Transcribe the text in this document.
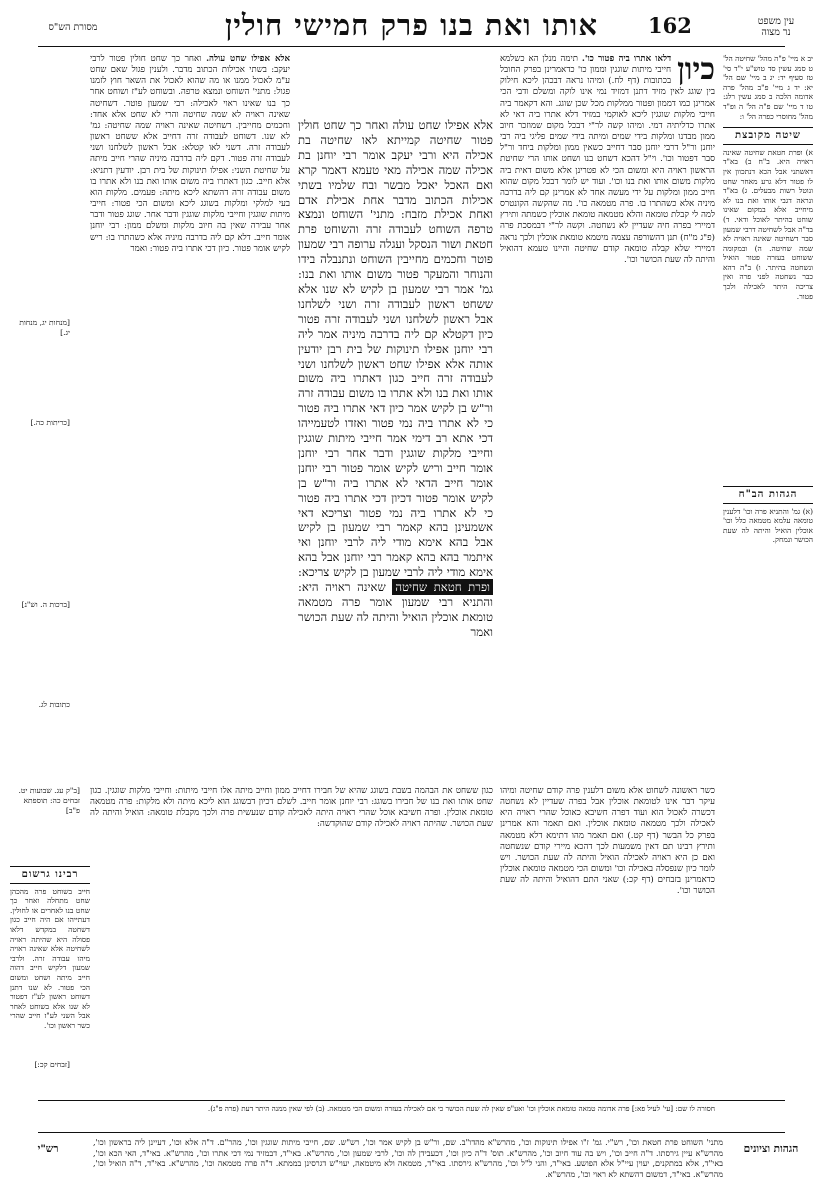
אותו ואת בנו פרק חמישי חולין	162	עין משפט
נר מצוה
מסורת הש"ס

יב א מיי' פ"ה מהל' שחיטה הל' ט סמג עשין סד טוש"ע י"ד סי' טז סעיף יד: יג ב מיי' שם הל' יא: יד ג מיי' פ"ב מהל' פרה אדומה הלכה ב סמג עשין רלג: טו ד מיי' שם פ"ה הל' ה ופ"ד מהל' מחוסרי כפרה הל' ו:

שיטה מקובצת

א) ופרת חטאת שחיטה שאינה ראויה היא. ב"ח ב) בא"ד דאשתני אבל הכא דנתכוון אין לו פטור דלא גרע מאחר שחט ונוטל רשות מבעלים. ג) בא"ד ונראה דגבי אותו ואת בנו לא מיחייב אלא במקום שאינו שוחט בהיתר לאוכל ודאי. ד) בד"ה אבל לשחיטה דרבי שמעון סבר דשחיטה שאינה ראויה לא שמה שחיטה. ה) ובמקומה ששוחט בעזרה פטור הואיל ונשחטה בהיתר. ו) ב"ה דהא כבר נשחטה לפני פרה ואין צריכה היתר לאכילה ולכך פטור.

הגהות הב"ח

(א) גמ' והתניא פרה וכו' דלענין טומאה עלמא מטמאה כלל וכו' אוכלין הואיל והיתה לה שעת הכושר ונמחק.

כיון
דלאו אתרו ביה פטור כו'. תימה מנלן הא כשלמא חייבי מיתות שוגגין וממון כו' כדאמרינן בפרק החובל בכתובות (דף לח.) ומיהו נראה דבכהן ליכא חילוק בין שוגג לאין מזיד דתנן דמזיד נמי אינו לוקה ומשלם ודבי הכי אמרינן כמו דממון ופטור ממלקות מכל שכן שוגג. והא דקאמר ביה חייבי מלקות שוגגין ליכא לאוקמי במזיד דלא אתרו ביה דאי לא אתרו כדליתיה דמי. ומיהו קשה לר"י דבכל מקום שמוזכר חיוב ממון מבדנו ומלקות בידי שמים ומיתה בידי שמים פליגי ביה רבי יוחנן ור"ל דרבי יוחנן סבר דחייב כשאין ממון ומלקות ביחד ור"ל סבר דפטור וכו'. וי"ל דהכא דשחט בנו ושחט אותו הרי שחיטת הראשון ראויה היא ומשום הכי לא פטרינן אלא משום דאית ביה מלקות משום אותו ואת בנו וכו'. ועוד יש לומר דבכל מקום שהוא חייב ממון ומלקות על ידי מעשה אחד לא אמרינן קם ליה בדרבה מיניה אלא כשהתרו בו. פרה מטמאה כו'. מה שהקשה הקונטרס למה לי קבלת טומאה והלא מטמאה טומאת אוכלין כשמתה ותירץ דמיירי בפרה חיה שעדיין לא נשחטה. וקשה לר"י דבמסכת פרה (פ"ג מ"ח) תנן דהשורפה עצמה מיטמא טומאת אוכלין ולכך נראה דמיירי שלא קבלה טומאה קודם שחיטה והיינו טעמא דהואיל והיתה לה שעת הכושר וכו'.
אלא אפילו שחט עולה ואחר כך שחט חולין פטור שחיטה קמייתא לאו שחיטה בת אכילה היא ורבי יעקב אומר רבי יוחנן בת אכילה שמה אכילה מאי טעמא דאמר קרא ואם האכל יאכל מבשר ובח שלמיו בשתי אכילות הכתוב מדבר אחת אכילת אדם ואחת אכילת מזבח: מתני' השוחט ונמצא טרפה השוחט לעבודה זרה והשוחט פרת חטאת ושור הנסקל ועגלה ערופה רבי שמעון פוטר וחכמים מחייבין השוחט ונתנבלה בידו והנוחר והמעקר פטור משום אותו ואת בנו: גמ' אמר רבי שמעון בן לקיש לא שנו אלא ששחט ראשון לעבודה זרה ושני לשלחנו אבל ראשון לשלחנו ושני לעבודה זרה פטור כיון דקטלא קם ליה בדרבה מיניה אמר ליה רבי יוחנן אפילו תינוקות של בית רבן יודעין אותה אלא אפילו שחט ראשון לשלחנו ושני לעבודה זרה חייב כגון דאתרו ביה משום אותו ואת בנו ולא אתרו בו משום עבודה זרה ור"ש בן לקיש אמר כיון דאי אתרו ביה פטור כי לא אתרו ביה נמי פטור ואזדו לטעמייהו דכי אתא רב דימי אמר חייבי מיתות שוגגין וחייבי מלקות שוגגין ודבר אחר רבי יוחנן אומר חייב וריש לקיש אומר פטור רבי יוחנן אומר חייב הדאי לא אתרו ביה ור"ש בן לקיש אומר פטור דכיון דכי אתרו ביה פטור כי לא אתרו ביה נמי פטור וצריכא דאי אשמעינן בהא קאמר רבי שמעון בן לקיש אבל בהא אימא מודי ליה לרבי יוחנן ואי איתמר בהא בהא קאמר רבי יוחנן אבל בהא אימא מודי ליה לרבי שמעון בן לקיש צריכא: ופרת חטאת שחיטה שאינה ראויה היא: והתניא רבי שמעון אומר פרה מטמאה טומאת אוכלין הואיל והיתה לה שעת הכושר ואמר
אלא אפילו שחט עולה. ואחר כך שחט חולין פטור לרבי יעקב: בשתי אכילות הכתוב מדבר. ולענין פגול שאם שחט ע"מ לאכול ממנו או מה שהוא לאכול את השאר חוץ לזמנו פגול: מתני' השוחט ונמצא טרפה. ובשוחט לע"ז ושוחט אחר כך בנו שאינו ראוי לאכילה: רבי שמעון פוטר. דשחיטה שאינה ראויה לא שמה שחיטה והרי לא שחט אלא אחד: וחכמים מחייבין. דשחיטה שאינה ראויה שמה שחיטה: גמ' לא שנו. דשוחט לעבודה זרה דחייב אלא ששחט ראשון לעבודה זרה. דשני לאו קטלא: אבל ראשון לשלחנו ושני לעבודה זרה פטור. דקם ליה בדרבה מיניה שהרי חייב מיתה על שחיטת השני: אפילו תינוקות של בית רבן. יודעין דתניא: אלא חייב. כגון דאתרו ביה משום אותו ואת בנו ולא אתרו בו משום עבודה זרה דהשתא ליכא מיתה: פעמים. מלקות הוא בעי למלקי ומלקות בשוגג ליכא ומשום הכי פטור: חייבי מיתות שוגגין וחייבי מלקות שוגגין ודבר אחר. שוגג פטור ודבר אחר עבירה שאין בה חיוב מלקות ומשלם ממון: רבי יוחנן אומר חייב. דלא קם ליה בדרבה מיניה אלא כשהתרו בו: ריש לקיש אומר פטור. כיון דכי אתרו ביה פטור: ואמר
[מנחות יג, מנחות יג.]
[כריתות כה.]
[ברכות ה. וש"נ]
כתובות לג.
[ב"ק עג. שבועות יט. זבחים כה: תוספתא פ"ב]
[זבחים קכ:]
רבינו גרשום

חייב בשוחט פרה מהכהן שחט מתחלה ואחר כך שחט בנו לאחרים או לחולין. דעתייהו אם היה חייב כגון דשחטה במקדש דלאו פסולה היא שהיתה ראויה לשחיטה אלא שאינה ראויה מיהו עבודה זרה. ולרבי שמעון דלקיש חייב דהוה חייב מיתה ושחט ומשום הכי פטור. לא שנו דתנן דשוחט ראשון לע"ז דפטור לא שנו אלא בשוחט לאחר אבל השני לע"ז חייב שהרי כשר ראשון וכו'.

כגון ששחט את הבהמה בשבת בשוגג שהיא של חבירו דחייב ממון וחייב מיתה אלו חייבי מיתות: וחייבי מלקות שוגגין. כגון שחט אותו ואת בנו של חבירו בשוגג: רבי יוחנן אומר חייב. לשלם דכיון דבשוגג הוא ליכא מיתה ולא מלקות: פרה מטמאה טומאת אוכלין. ופרה חשיבא אוכל שהרי ראויה היתה לאכילה קודם שנעשית פרה ולכך מקבלת טומאה: הואיל והיתה לה שעת הכושר. שהיתה ראויה לאכילה קודם שהוקדשה:

כשר ראשונה לשחוט אלא משום דלענין פרה קודם שחיטה ומיהו עיקר דבר אינו לטומאת אוכלין אבל בפרה שעדיין לא נשחטה דכשרה לאכול הוא ועוד דפרה חשיבא כאוכל שהרי ראויה היא לאכילה ולכך מטמאה טומאת אוכלין. ואם תאמר והא אמרינן בפרק כל הבשר (דף קט.) ואם תאמר מהו דתימא דלא מטמאה ותירץ רבינו תם דאין משמעות לכך דהכא מיירי קודם שנשחטה ואם כן היא ראויה לאכילה הואיל והיתה לה שעת הכושר. ויש לומר כיון שנפסלה באכילה וכו' ומשום הכי מטמאה טומאת אוכלין כדאמרינן בזבחים (דף קכ:) שאני התם דהואיל והיתה לה שעת הכושר וכו'.

חסורה לו שם: [עי' לעיל פא:] פרה אדומה טמאה טומאת אוכלין וכו' ואע"פ שאין לה שעת הכושר כי אם לאכילה בעזרה ומשום הכי מטמאה. (ב) לפי שאין ממנה היתר דעת (פרה פ"ג).
הגהות וציונים
רש"י
מתני' השוחט פרת חטאת וכו', רש"י. גמ' ז"ו אפילו תינוקות וכו', מהרש"א מהדו"ב. שם, ור"ש בן לקיש אמר וכו', רש"ש. שם, חייבי מיתות שוגגין וכו', מהר"ם. ד"ה אלא וכו', דעיינן ליה בראשון וכו', מהרש"א עיין גירסתו. ד"ה חייב וכו', ויש בה עוד חיוב וכו', מהרש"א. תוס' ד"ה כיון וכו', דכעבידן לה וכו', לרבי שמעון וכו', מהרש"א. באי"ד, דבמזיד נמי דכי אתרו וכו', מהרש"א. באי"ד, האי הכא וכו', באי"ד, אלא במתקנים, יעוין עיי"ל אלא הפושע. באי"ד, והני ל"ל וכו', מהרש"א גירסתו. באי"ד, מטמאה ולא מיטמאה, יעוי"ש דגרסינן בממתא. ד"ה פרה מטמאה וכו', מהרש"א. באי"ד, ד"ה הואיל וכו', מהרש"א. באי"ד, דמשום דהשתא לא ראוי וכו', מהרש"א.
